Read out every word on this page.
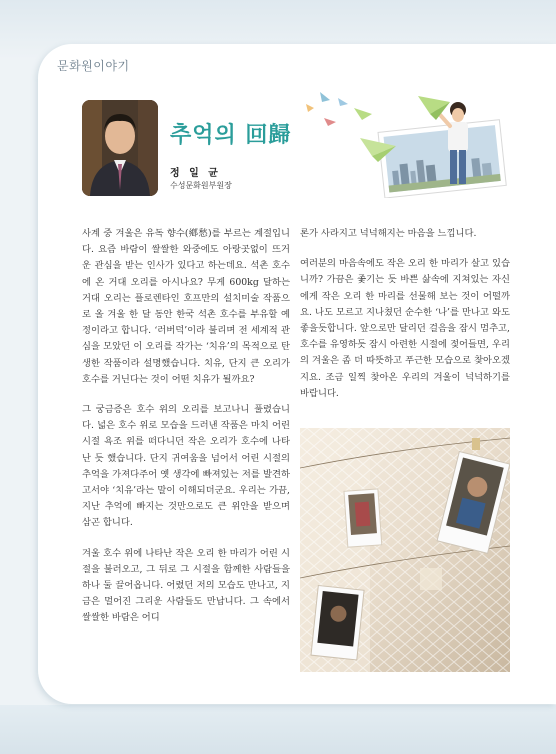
문화원이야기
추억의 回歸
정 일 균
수성문화원부원장

사계 중 겨울은 유독 향수(鄕愁)를 부르는 계절입니다. 요즘 바람이 쌀쌀한 와중에도 아랑곳없이 뜨거운 관심을 받는 인사가 있다고 하는데요. 석촌 호수에 온 거대 오리를 아시나요? 무게 600kg 달하는 거대 오리는 플로렌타인 호프만의 설치미술 작품으로 올 겨울 한 달 동안 한국 석촌 호수를 부유할 예정이라고 합니다. ‘러버덕’이라 불리며 전 세계적 관심을 모았던 이 오리를 작가는 ‘치유’의 목적으로 탄생한 작품이라 설명했습니다. 치유, 단지 큰 오리가 호수를 거닌다는 것이 어떤 치유가 될까요?

그 궁금증은 호수 위의 오리를 보고나니 풀렸습니다. 넓은 호수 위로 모습을 드러낸 작품은 마치 어린 시절 욕조 위를 떠다니던 작은 오리가 호수에 나타난 듯 했습니다. 단지 귀여움을 넘어서 어린 시절의 추억을 가져다주어 옛 생각에 빠져있는 저를 발견하고서야 ‘치유’라는 말이 이해되더군요. 우리는 가끔, 지난 추억에 빠지는 것만으로도 큰 위안을 받으며 삼곤 합니다.

겨울 호수 위에 나타난 작은 오리 한 마리가 어린 시절을 불러오고, 그 뒤로 그 시절을 함께한 사람들을 하나 둘 끌어옵니다. 어렸던 저의 모습도 만나고, 지금은 멀어진 그리운 사람들도 만납니다. 그 속에서 쌀쌀한 바람은 어디

론가 사라지고 넉넉해지는 마음을 느낍니다.

여러분의 마음속에도 작은 오리 한 마리가 살고 있습니까? 가끔은 좇기는 듯 바쁜 삶속에 지쳐있는 자신에게 작은 오리 한 마리를 선물해 보는 것이 어떨까요. 나도 모르고 지나쳤던 순수한 ‘나’를 만나고 와도 좋을듯합니다. 앞으로만 달리던 걸음을 잠시 멈추고, 호수를 유영하듯 잠시 아련한 시절에 젖어들면, 우리의 겨울은 좀 더 따뜻하고 푸근한 모습으로 찾아오겠지요. 조금 일찍 찾아온 우리의 겨울이 넉넉하기를 바랍니다.
